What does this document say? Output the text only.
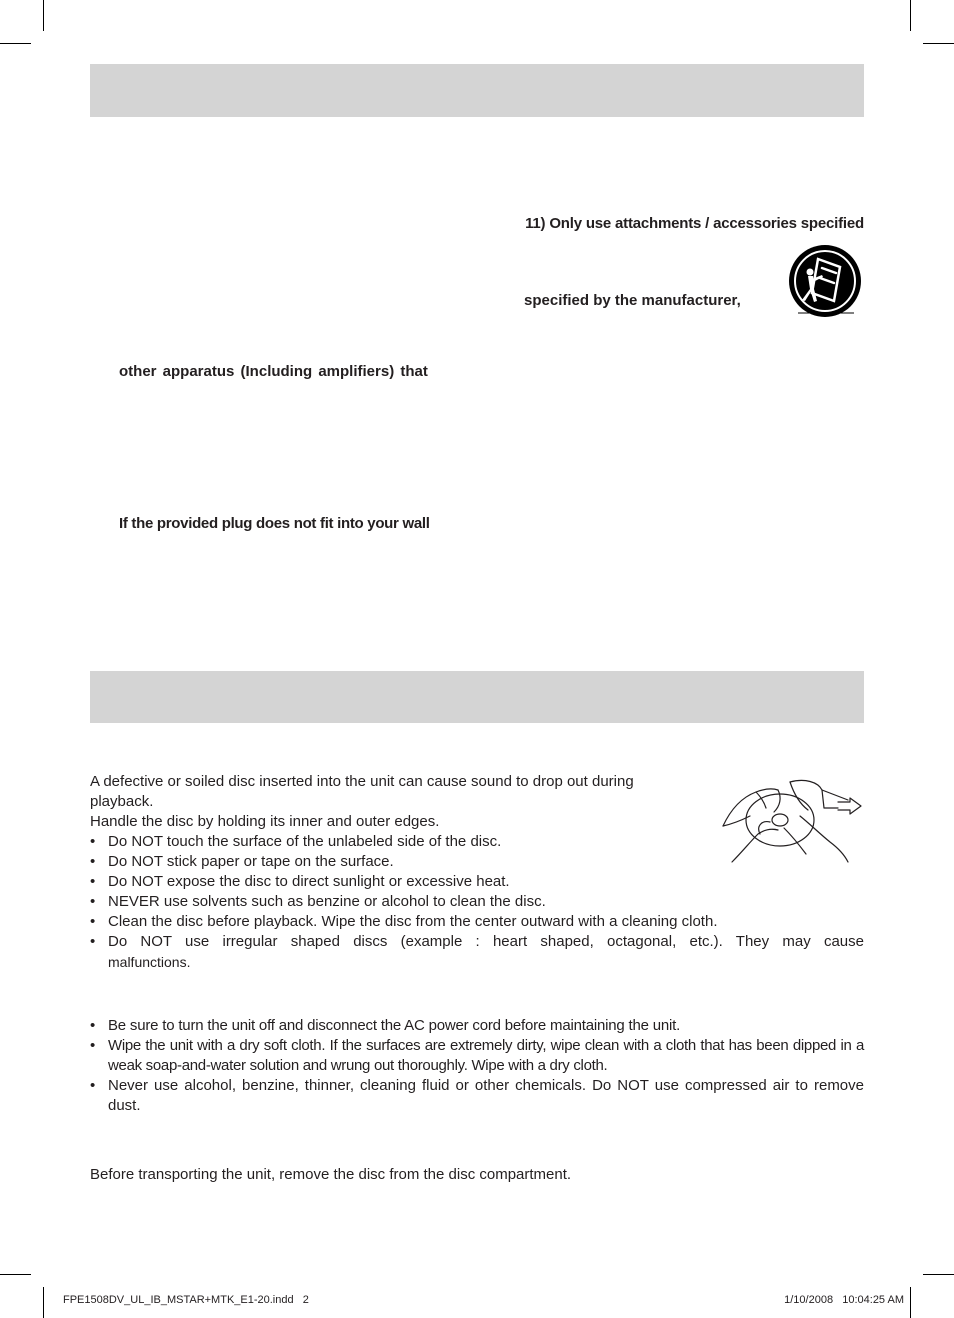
11) Only use attachments / accessories specified
specified by the manufacturer,
other apparatus (Including amplifiers) that
If the provided plug does not fit into your wall
A defective or soiled disc inserted into the unit can cause sound to drop out during
playback.
Handle the disc by holding its inner and outer edges.
• Do NOT touch the surface of the unlabeled side of the disc.
• Do NOT stick paper or tape on the surface.
• Do NOT expose the disc to direct sunlight or excessive heat.
• NEVER use solvents such as benzine or alcohol to clean the disc.
• Clean the disc before playback. Wipe the disc from the center outward with a cleaning cloth.
• Do NOT use irregular shaped discs (example : heart shaped, octagonal, etc.). They may cause
malfunctions.
• Be sure to turn the unit off and disconnect the AC power cord before maintaining the unit.
• Wipe the unit with a dry soft cloth. If the surfaces are extremely dirty, wipe clean with a cloth that has been dipped in a weak soap-and-water solution and wrung out thoroughly. Wipe with a dry cloth.
• Never use alcohol, benzine, thinner, cleaning fluid or other chemicals. Do NOT use compressed air to remove dust.
Before transporting the unit, remove the disc from the disc compartment.
FPE1508DV_UL_IB_MSTAR+MTK_E1-20.indd   2	1/10/2008   10:04:25 AM
